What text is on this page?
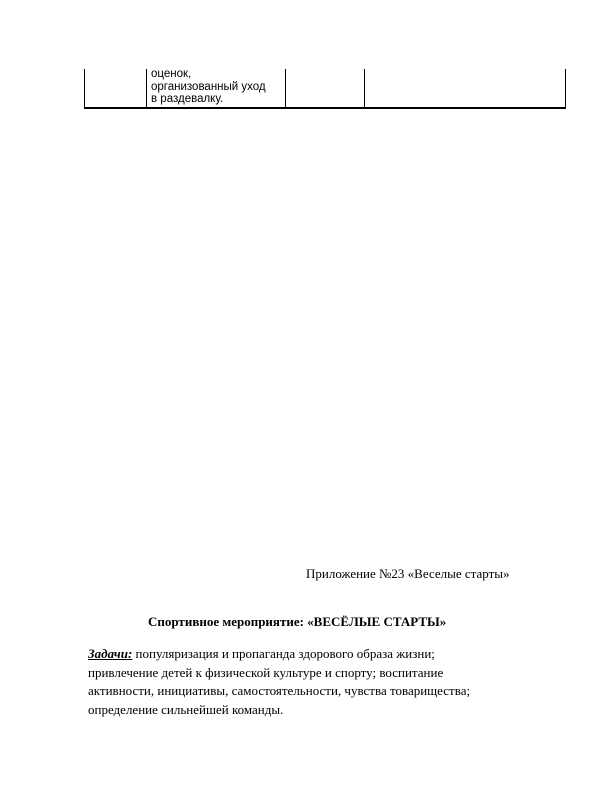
оценок,
организованный уход
в раздевалку.

Приложение №23 «Веселые старты»
Спортивное мероприятие: «ВЕСЁЛЫЕ СТАРТЫ»
Задачи: популяризация и пропаганда здорового образа жизни;
привлечение детей к физической культуре и спорту; воспитание
активности, инициативы, самостоятельности, чувства товарищества;
определение сильнейшей команды.
